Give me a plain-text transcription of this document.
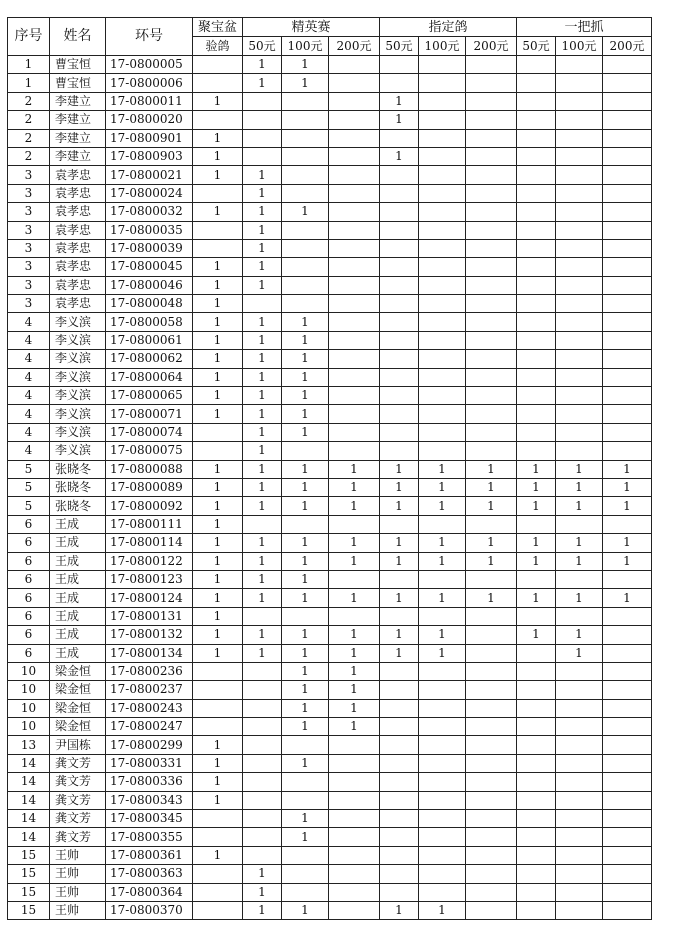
序号	姓名	环号	聚宝盆	精英赛			指定鸽			一把抓		
			验鸽	50元	100元	200元	50元	100元	200元	50元	100元	200元
1	曹宝恒	17-0800005		1	1							
1	曹宝恒	17-0800006		1	1							
2	李建立	17-0800011	1				1					
2	李建立	17-0800020					1					
2	李建立	17-0800901	1									
2	李建立	17-0800903	1				1					
3	袁孝忠	17-0800021	1	1								
3	袁孝忠	17-0800024		1								
3	袁孝忠	17-0800032	1	1	1							
3	袁孝忠	17-0800035		1								
3	袁孝忠	17-0800039		1								
3	袁孝忠	17-0800045	1	1								
3	袁孝忠	17-0800046	1	1								
3	袁孝忠	17-0800048	1									
4	李义滨	17-0800058	1	1	1							
4	李义滨	17-0800061	1	1	1							
4	李义滨	17-0800062	1	1	1							
4	李义滨	17-0800064	1	1	1							
4	李义滨	17-0800065	1	1	1							
4	李义滨	17-0800071	1	1	1							
4	李义滨	17-0800074		1	1							
4	李义滨	17-0800075		1								
5	张晓冬	17-0800088	1	1	1	1	1	1	1	1	1	1
5	张晓冬	17-0800089	1	1	1	1	1	1	1	1	1	1
5	张晓冬	17-0800092	1	1	1	1	1	1	1	1	1	1
6	王成	17-0800111	1									
6	王成	17-0800114	1	1	1	1	1	1	1	1	1	1
6	王成	17-0800122	1	1	1	1	1	1	1	1	1	1
6	王成	17-0800123	1	1	1							
6	王成	17-0800124	1	1	1	1	1	1	1	1	1	1
6	王成	17-0800131	1									
6	王成	17-0800132	1	1	1	1	1	1		1	1	
6	王成	17-0800134	1	1	1	1	1	1			1	
10	梁金恒	17-0800236			1	1						
10	梁金恒	17-0800237			1	1						
10	梁金恒	17-0800243			1	1						
10	梁金恒	17-0800247			1	1						
13	尹国栋	17-0800299	1									
14	龚文芳	17-0800331	1		1							
14	龚文芳	17-0800336	1									
14	龚文芳	17-0800343	1									
14	龚文芳	17-0800345			1							
14	龚文芳	17-0800355			1							
15	王帅	17-0800361	1									
15	王帅	17-0800363		1								
15	王帅	17-0800364		1								
15	王帅	17-0800370		1	1		1	1				
